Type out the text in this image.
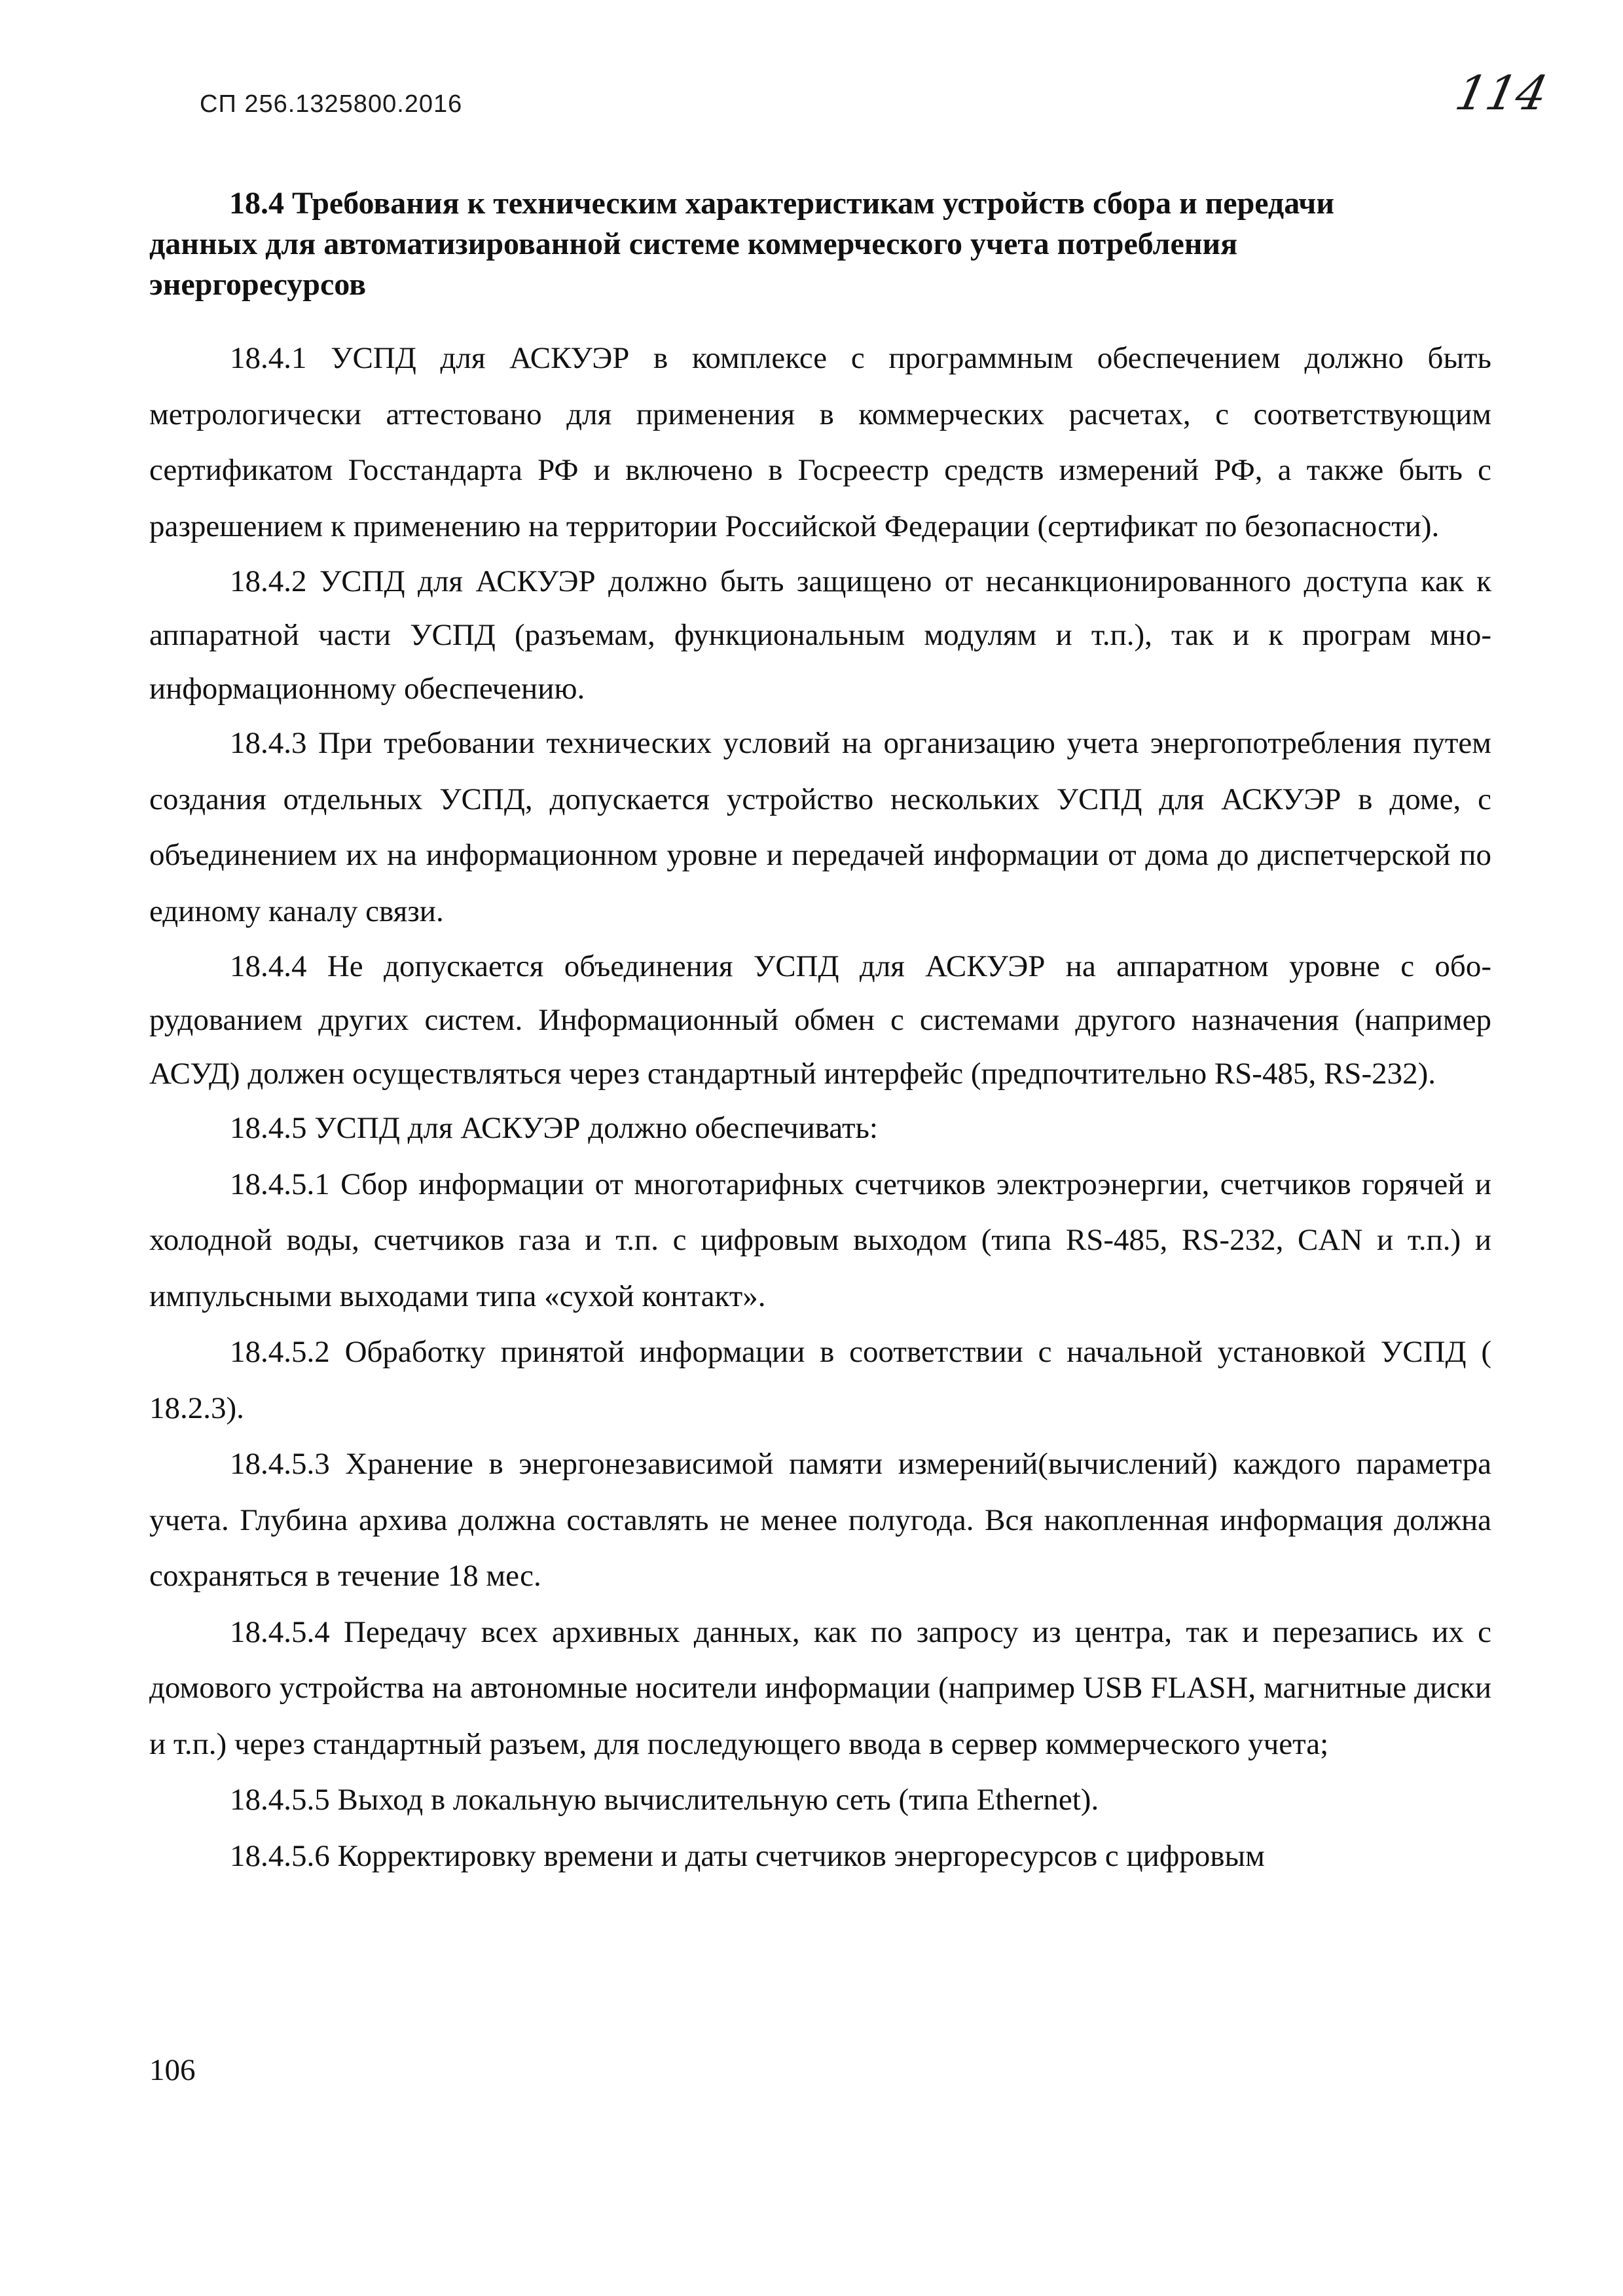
СП 256.1325800.2016	114
18.4 Требования к техническим характеристикам устройств сбора и передачи
данных для автоматизированной системе коммерческого учета потребления
энергоресурсов

18.4.1 УСПД для АСКУЭР в комплексе с программным обеспечением должно быть метрологически аттестовано для применения в коммерческих расчетах, с соответствующим сертификатом Госстандарта РФ и включено в Госреестр средств измерений РФ, а также быть с разрешением к применению на территории Российской Федерации (сертификат по безопасности).

18.4.2 УСПД для АСКУЭР должно быть защищено от несанкционированного доступа как к аппаратной части УСПД (разъемам, функциональным модулям и т.п.), так и к програм мно-информационному обеспечению.

18.4.3 При требовании технических условий на организацию учета энергопотребления путем создания отдельных УСПД, допускается устройство нескольких УСПД для АСКУЭР в доме, с объединением их на информационном уровне и передачей информации от дома до диспетчерской по единому каналу связи.

18.4.4 Не допускается объединения УСПД для АСКУЭР на аппаратном уровне с обо-рудованием других систем. Информационный обмен с системами другого назначения (например АСУД) должен осуществляться через стандартный интерфейс (предпочтительно RS-485, RS-232).

18.4.5 УСПД для АСКУЭР должно обеспечивать:

18.4.5.1 Сбор информации от многотарифных счетчиков электроэнергии, счетчиков горячей и холодной воды, счетчиков газа и т.п. с цифровым выходом (типа RS-485, RS-232, CAN и т.п.) и импульсными выходами типа «сухой контакт».

18.4.5.2 Обработку принятой информации в соответствии с начальной установкой УСПД ( 18.2.3).

18.4.5.3 Хранение в энергонезависимой памяти измерений(вычислений) каждого параметра учета. Глубина архива должна составлять не менее полугода. Вся накопленная информация должна сохраняться в течение 18 мес.

18.4.5.4 Передачу всех архивных данных, как по запросу из центра, так и перезапись их с домового устройства на автономные носители информации (например USB FLASH, магнитные диски и т.п.) через стандартный разъем, для последующего ввода в сервер коммерческого учета;

18.4.5.5 Выход в локальную вычислительную сеть (типа Ethernet).

18.4.5.6 Корректировку времени и даты счетчиков энергоресурсов с цифровым

106
